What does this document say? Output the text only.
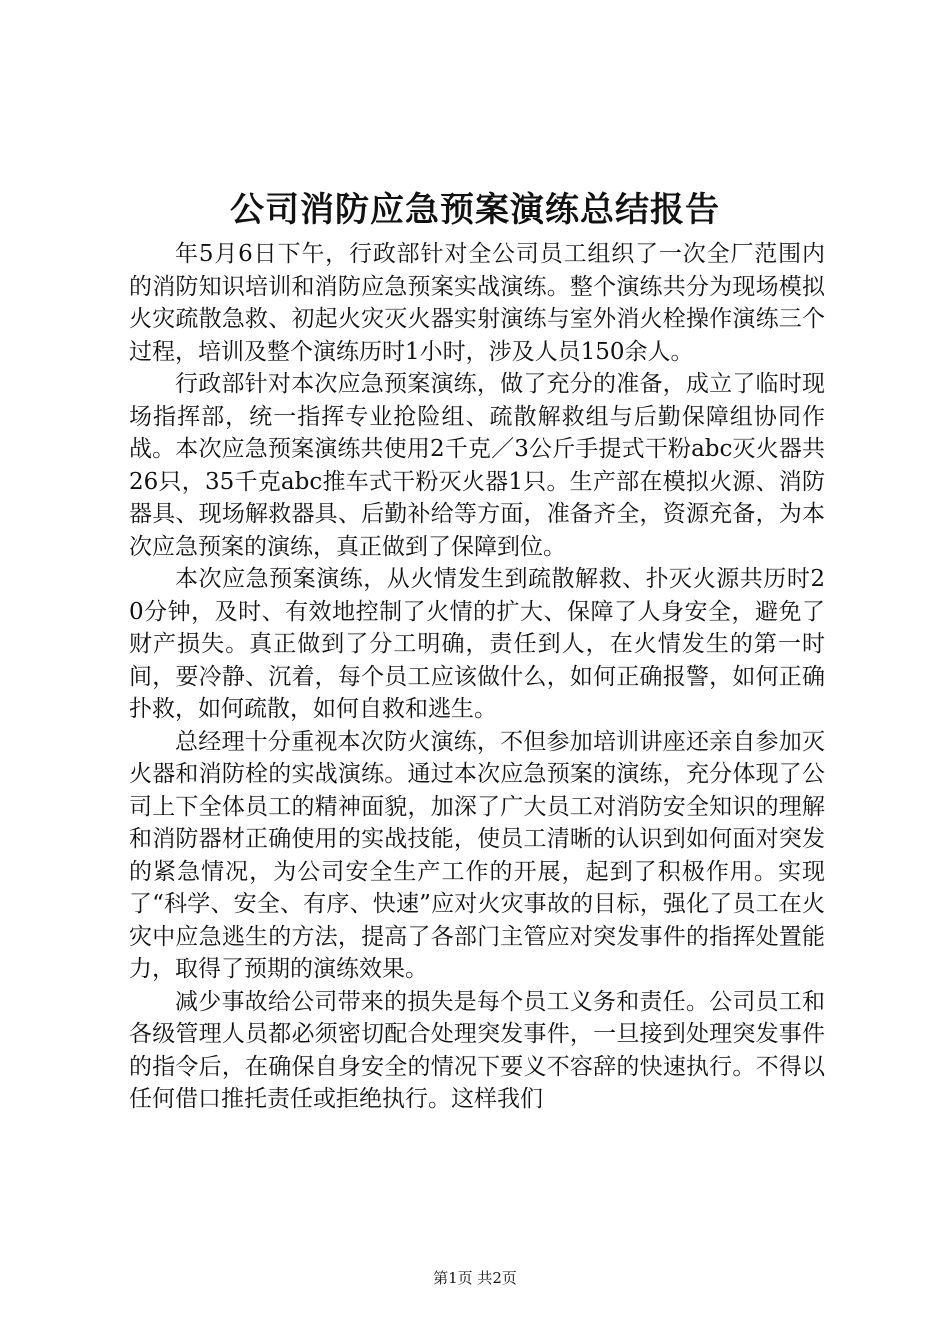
公司消防应急预案演练总结报告

年5月6日下午，行政部针对全公司员工组织了一次全厂范围内的消防知识培训和消防应急预案实战演练。整个演练共分为现场模拟火灾疏散急救、初起火灾灭火器实射演练与室外消火栓操作演练三个过程，培训及整个演练历时1小时，涉及人员150余人。

行政部针对本次应急预案演练，做了充分的准备，成立了临时现场指挥部，统一指挥专业抢险组、疏散解救组与后勤保障组协同作战。本次应急预案演练共使用2千克／3公斤手提式干粉abc灭火器共26只，35千克abc推车式干粉灭火器1只。生产部在模拟火源、消防器具、现场解救器具、后勤补给等方面，准备齐全，资源充备，为本次应急预案的演练，真正做到了保障到位。

本次应急预案演练，从火情发生到疏散解救、扑灭火源共历时20分钟，及时、有效地控制了火情的扩大、保障了人身安全，避免了财产损失。真正做到了分工明确，责任到人，在火情发生的第一时间，要冷静、沉着，每个员工应该做什么，如何正确报警，如何正确扑救，如何疏散，如何自救和逃生。

总经理十分重视本次防火演练，不但参加培训讲座还亲自参加灭火器和消防栓的实战演练。通过本次应急预案的演练，充分体现了公司上下全体员工的精神面貌，加深了广大员工对消防安全知识的理解和消防器材正确使用的实战技能，使员工清晰的认识到如何面对突发的紧急情况，为公司安全生产工作的开展，起到了积极作用。实现了“科学、安全、有序、快速”应对火灾事故的目标，强化了员工在火灾中应急逃生的方法，提高了各部门主管应对突发事件的指挥处置能力，取得了预期的演练效果。

减少事故给公司带来的损失是每个员工义务和责任。公司员工和各级管理人员都必须密切配合处理突发事件，一旦接到处理突发事件的指令后，在确保自身安全的情况下要义不容辞的快速执行。不得以任何借口推托责任或拒绝执行。这样我们

第1页 共2页
